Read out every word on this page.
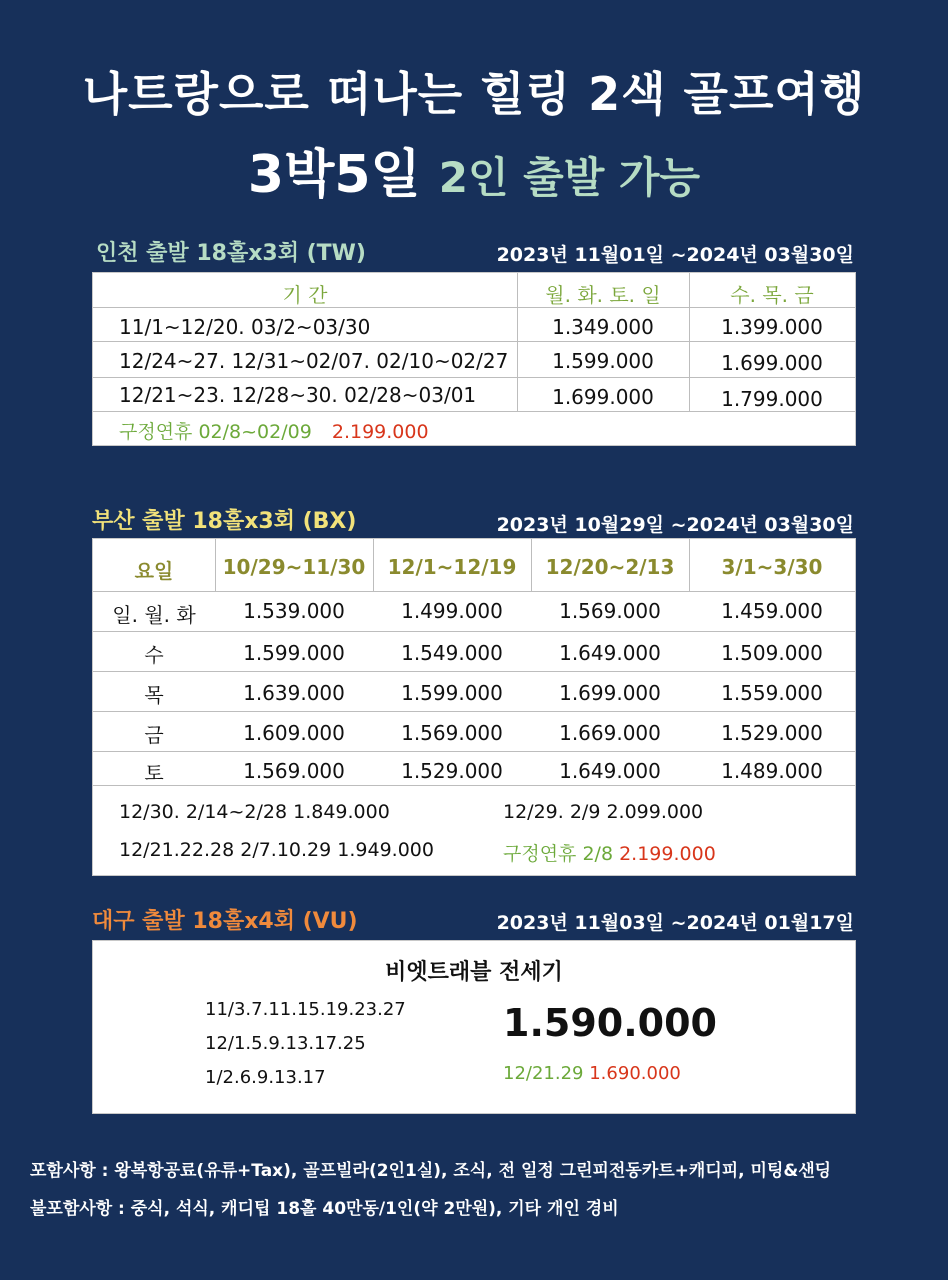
나트랑으로 떠나는 힐링 2색 골프여행
3박5일 2인 출발 가능
인천 출발 18홀x3회 (TW)	2023년 11월01일 ~2024년 03월30일
기 간	월. 화. 토. 일	수. 목. 금
11/1~12/20. 03/2~03/30	1.349.000	1.399.000
12/24~27. 12/31~02/07. 02/10~02/27	1.599.000	1.699.000
12/21~23. 12/28~30. 02/28~03/01	1.699.000	1.799.000
구정연휴 02/8~02/09 2.199.000
부산 출발 18홀x3회 (BX)	2023년 10월29일 ~2024년 03월30일
요일	10/29~11/30	12/1~12/19	12/20~2/13	3/1~3/30
일. 월. 화	1.539.000	1.499.000	1.569.000	1.459.000
수	1.599.000	1.549.000	1.649.000	1.509.000
목	1.639.000	1.599.000	1.699.000	1.559.000
금	1.609.000	1.569.000	1.669.000	1.529.000
토	1.569.000	1.529.000	1.649.000	1.489.000
12/30. 2/14~2/28 1.849.000
12/21.22.28 2/7.10.29 1.949.000
12/29. 2/9 2.099.000
구정연휴 2/8 2.199.000
대구 출발 18홀x4회 (VU)	2023년 11월03일 ~2024년 01월17일
비엣트래블 전세기
11/3.7.11.15.19.23.27
12/1.5.9.13.17.25
1/2.6.9.13.17
1.590.000
12/21.29 1.690.000
포함사항 : 왕복항공료(유류+Tax), 골프빌라(2인1실), 조식, 전 일정 그린피전동카트+캐디피, 미팅&샌딩
불포함사항 : 중식, 석식, 캐디팁 18홀 40만동/1인(약 2만원), 기타 개인 경비
